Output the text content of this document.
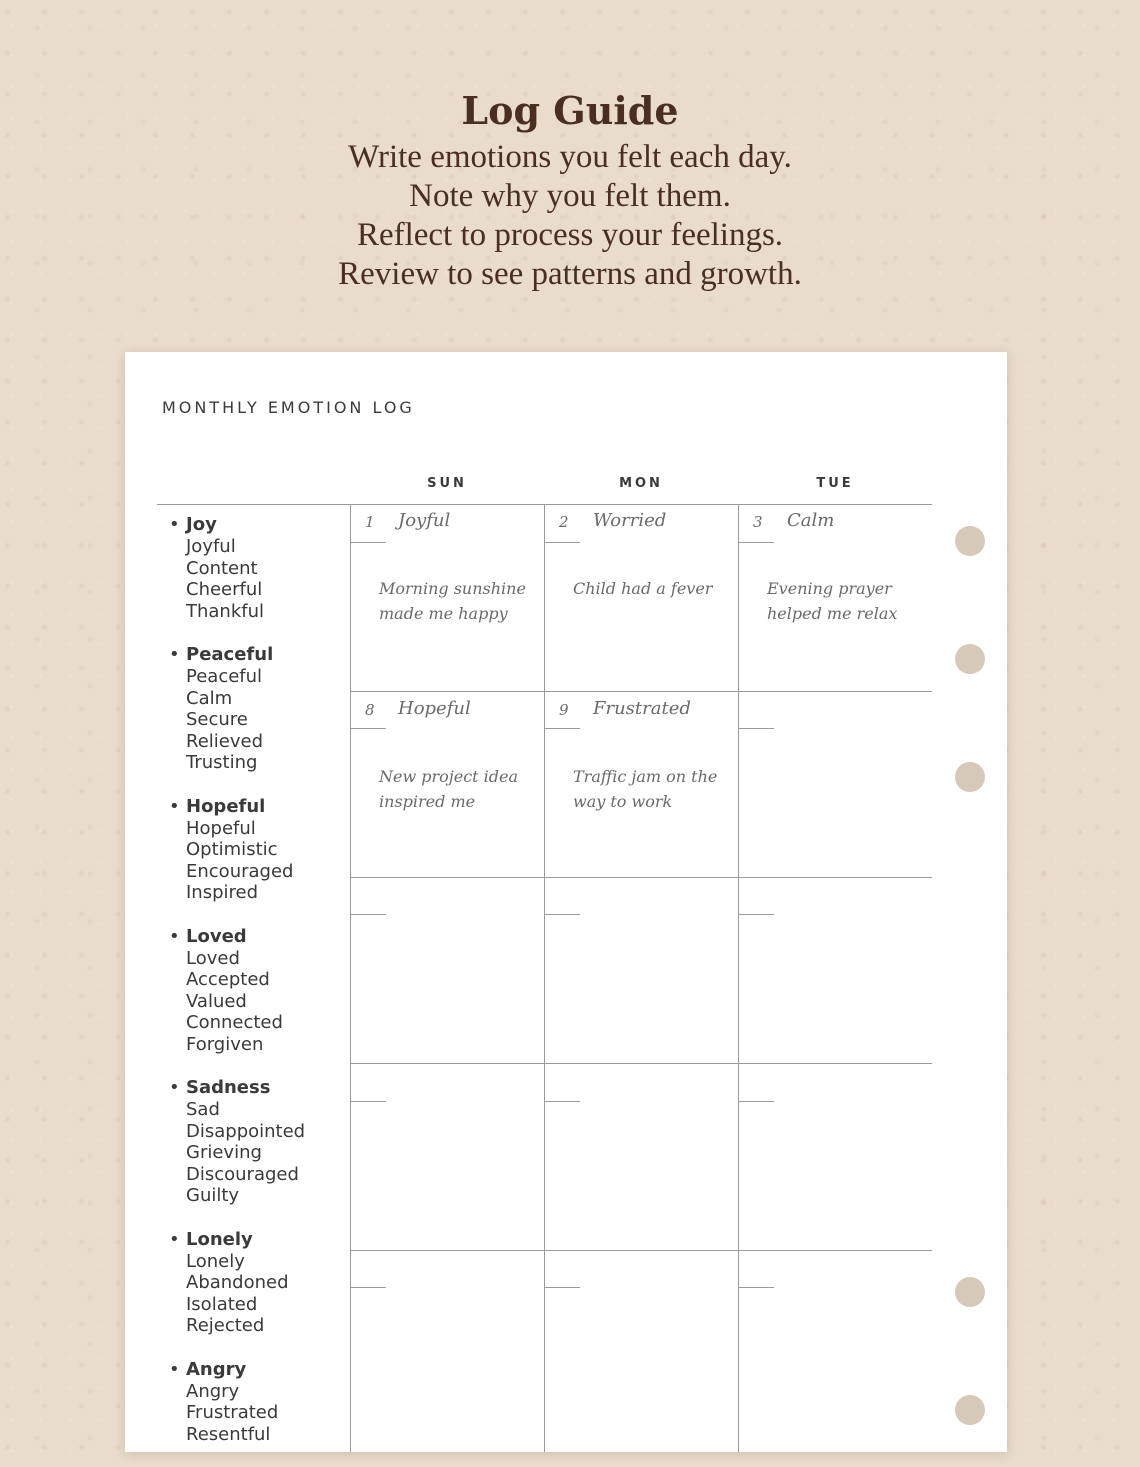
Log Guide
Write emotions you felt each day.
Note why you felt them.
Reflect to process your feelings.
Review to see patterns and growth.
MONTHLY EMOTION LOG
SUN	MON	TUE
1 Joyful
Morning sunshine made me happy
2 Worried
Child had a fever
3 Calm
Evening prayer helped me relax
8 Hopeful
New project idea inspired me
9 Frustrated
Traffic jam on the way to work
• Joy
Joyful
Content
Cheerful
Thankful
• Peaceful
Peaceful
Calm
Secure
Relieved
Trusting
• Hopeful
Hopeful
Optimistic
Encouraged
Inspired
• Loved
Loved
Accepted
Valued
Connected
Forgiven
• Sadness
Sad
Disappointed
Grieving
Discouraged
Guilty
• Lonely
Lonely
Abandoned
Isolated
Rejected
• Angry
Angry
Frustrated
Resentful
